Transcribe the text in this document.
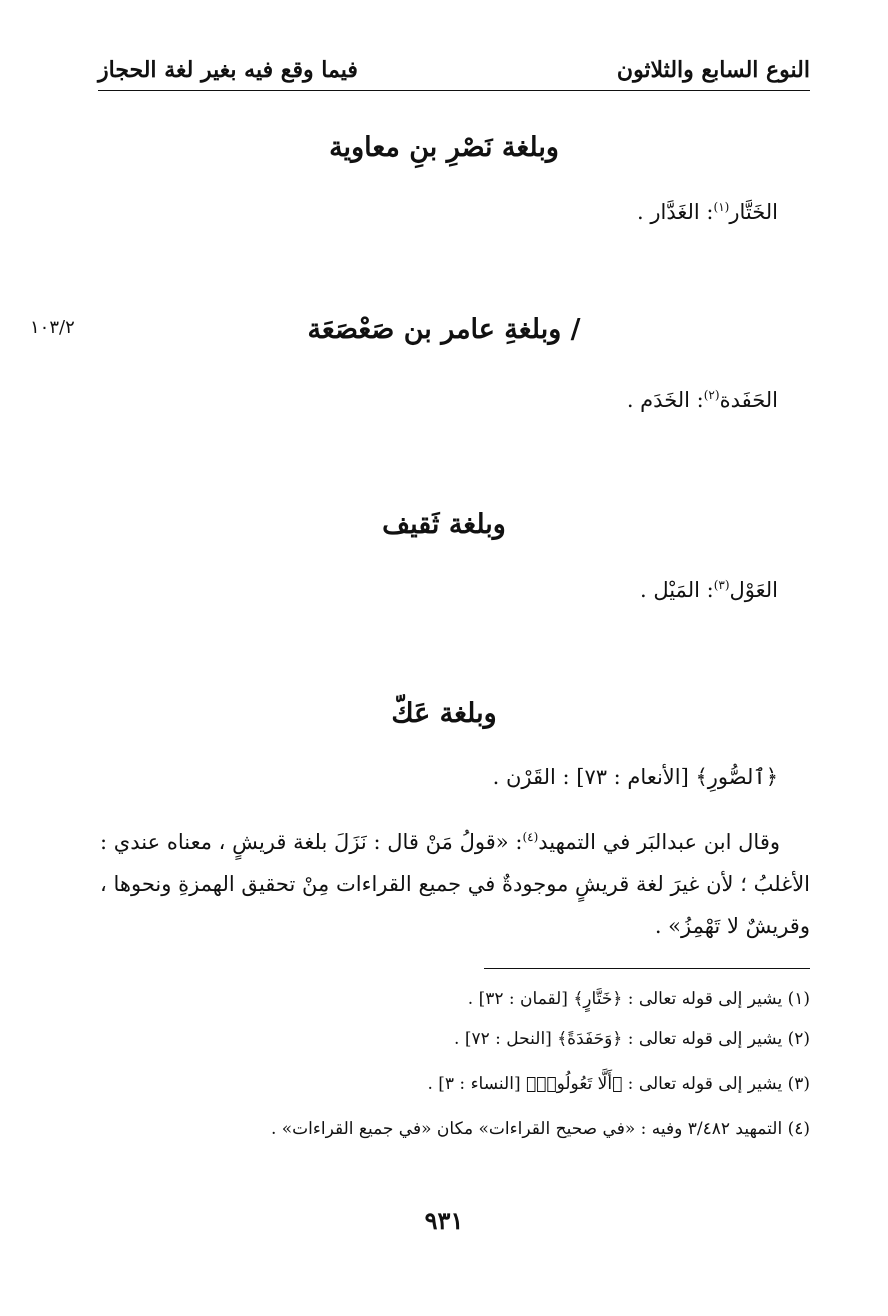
النوع السابع والثلاثون
فيما وقع فيه بغير لغة الحجاز
وبلغة نَصْرِ بنِ معاوية
الخَتَّار$^{(١)}$: الغَدَّار .
١٠٣/٢	/ وبلغةِ عامر بن صَعْصَعَة
الحَفَدة$^{(٢)}$: الخَدَم .
وبلغة ثَقيف
العَوْل$^{(٣)}$: المَيْل .
وبلغة عَكّ
﴿ٱلصُّورِ﴾ [الأنعام : ٧٣] : القَرْن .
وقال ابن عبدالبَر في التمهيد$^{(٤)}$: «قولُ مَنْ قال : نَزَلَ بلغة قريشٍ ، معناه عندي : الأغلبُ ؛ لأن غيرَ لغة قريشٍ موجودةٌ في جميع القراءات مِنْ تحقيق الهمزةِ ونحوها ، وقريشٌ لا تَهْمِزُ» .
(١) يشير إلى قوله تعالى : ﴿خَتَّارٍ﴾ [لقمان : ٣٢] .
(٢) يشير إلى قوله تعالى : ﴿وَحَفَدَةً﴾ [النحل : ٧٢] .
(٣) يشير إلى قوله تعالى : ﴿أَلَّا تَعُولُوا۟﴾ [النساء : ٣] .
(٤) التمهيد ٣/٤٨٢ وفيه : «في صحيح القراءات» مكان «في جميع القراءات» .
٩٣١
